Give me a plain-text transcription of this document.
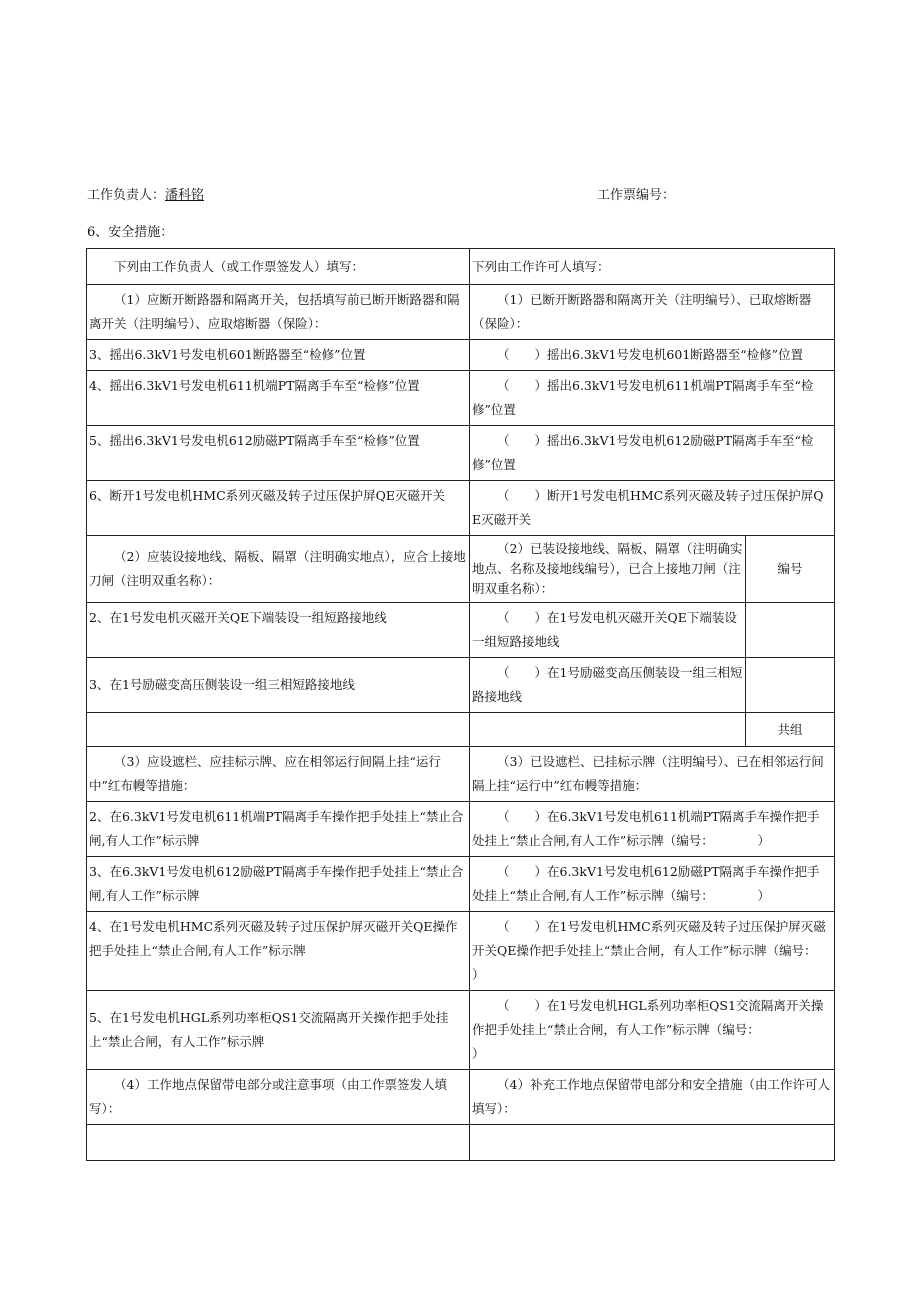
工作负责人：潘科铭	工作票编号：
6、安全措施：
下列由工作负责人（或工作票签发人）填写：	下列由工作许可人填写：	
（1）应断开断路器和隔离开关，包括填写前已断开断路器和隔离开关（注明编号）、应取熔断器（保险）：	（1）已断开断路器和隔离开关（注明编号）、已取熔断器（保险）：	
3、摇出6.3kV1号发电机601断路器至“检修”位置	（　　）摇出6.3kV1号发电机601断路器至“检修”位置	
4、摇出6.3kV1号发电机611机端PT隔离手车至“检修”位置	（　　）摇出6.3kV1号发电机611机端PT隔离手车至“检修”位置	
5、摇出6.3kV1号发电机612励磁PT隔离手车至“检修”位置	（　　）摇出6.3kV1号发电机612励磁PT隔离手车至“检修”位置	
6、断开1号发电机HMC系列灭磁及转子过压保护屏QE灭磁开关	（　　）断开1号发电机HMC系列灭磁及转子过压保护屏QE灭磁开关	
（2）应装设接地线、隔板、隔罩（注明确实地点），应合上接地刀闸（注明双重名称）：	（2）已装设接地线、隔板、隔罩（注明确实地点、名称及接地线编号），已合上接地刀闸（注明双重名称）：	编号
2、在1号发电机灭磁开关QE下端装设一组短路接地线	（　　）在1号发电机灭磁开关QE下端装设一组短路接地线	
3、在1号励磁变高压侧装设一组三相短路接地线	（　　）在1号励磁变高压侧装设一组三相短路接地线	
		共组
（3）应设遮栏、应挂标示牌、应在相邻运行间隔上挂“运行中”红布幔等措施：	（3）已设遮栏、已挂标示牌（注明编号）、已在相邻运行间隔上挂“运行中”红布幔等措施：	
2、在6.3kV1号发电机611机端PT隔离手车操作把手处挂上“禁止合闸,有人工作”标示牌	（　　）在6.3kV1号发电机611机端PT隔离手车操作把手处挂上“禁止合闸,有人工作”标示牌（编号：　　　　）	
3、在6.3kV1号发电机612励磁PT隔离手车操作把手处挂上“禁止合闸,有人工作”标示牌	（　　）在6.3kV1号发电机612励磁PT隔离手车操作把手处挂上“禁止合闸,有人工作”标示牌（编号：　　　　）	
4、在1号发电机HMC系列灭磁及转子过压保护屏灭磁开关QE操作把手处挂上“禁止合闸,有人工作”标示牌	（　　）在1号发电机HMC系列灭磁及转子过压保护屏灭磁开关QE操作把手处挂上“禁止合闸，有人工作”标示牌（编号：　　　　　　）	
5、在1号发电机HGL系列功率柜QS1交流隔离开关操作把手处挂上“禁止合闸，有人工作”标示牌	（　　）在1号发电机HGL系列功率柜QS1交流隔离开关操作把手处挂上“禁止合闸，有人工作”标示牌（编号：　　　　　　）	
（4）工作地点保留带电部分或注意事项（由工作票签发人填写）：	（4）补充工作地点保留带电部分和安全措施（由工作许可人填写）：	
